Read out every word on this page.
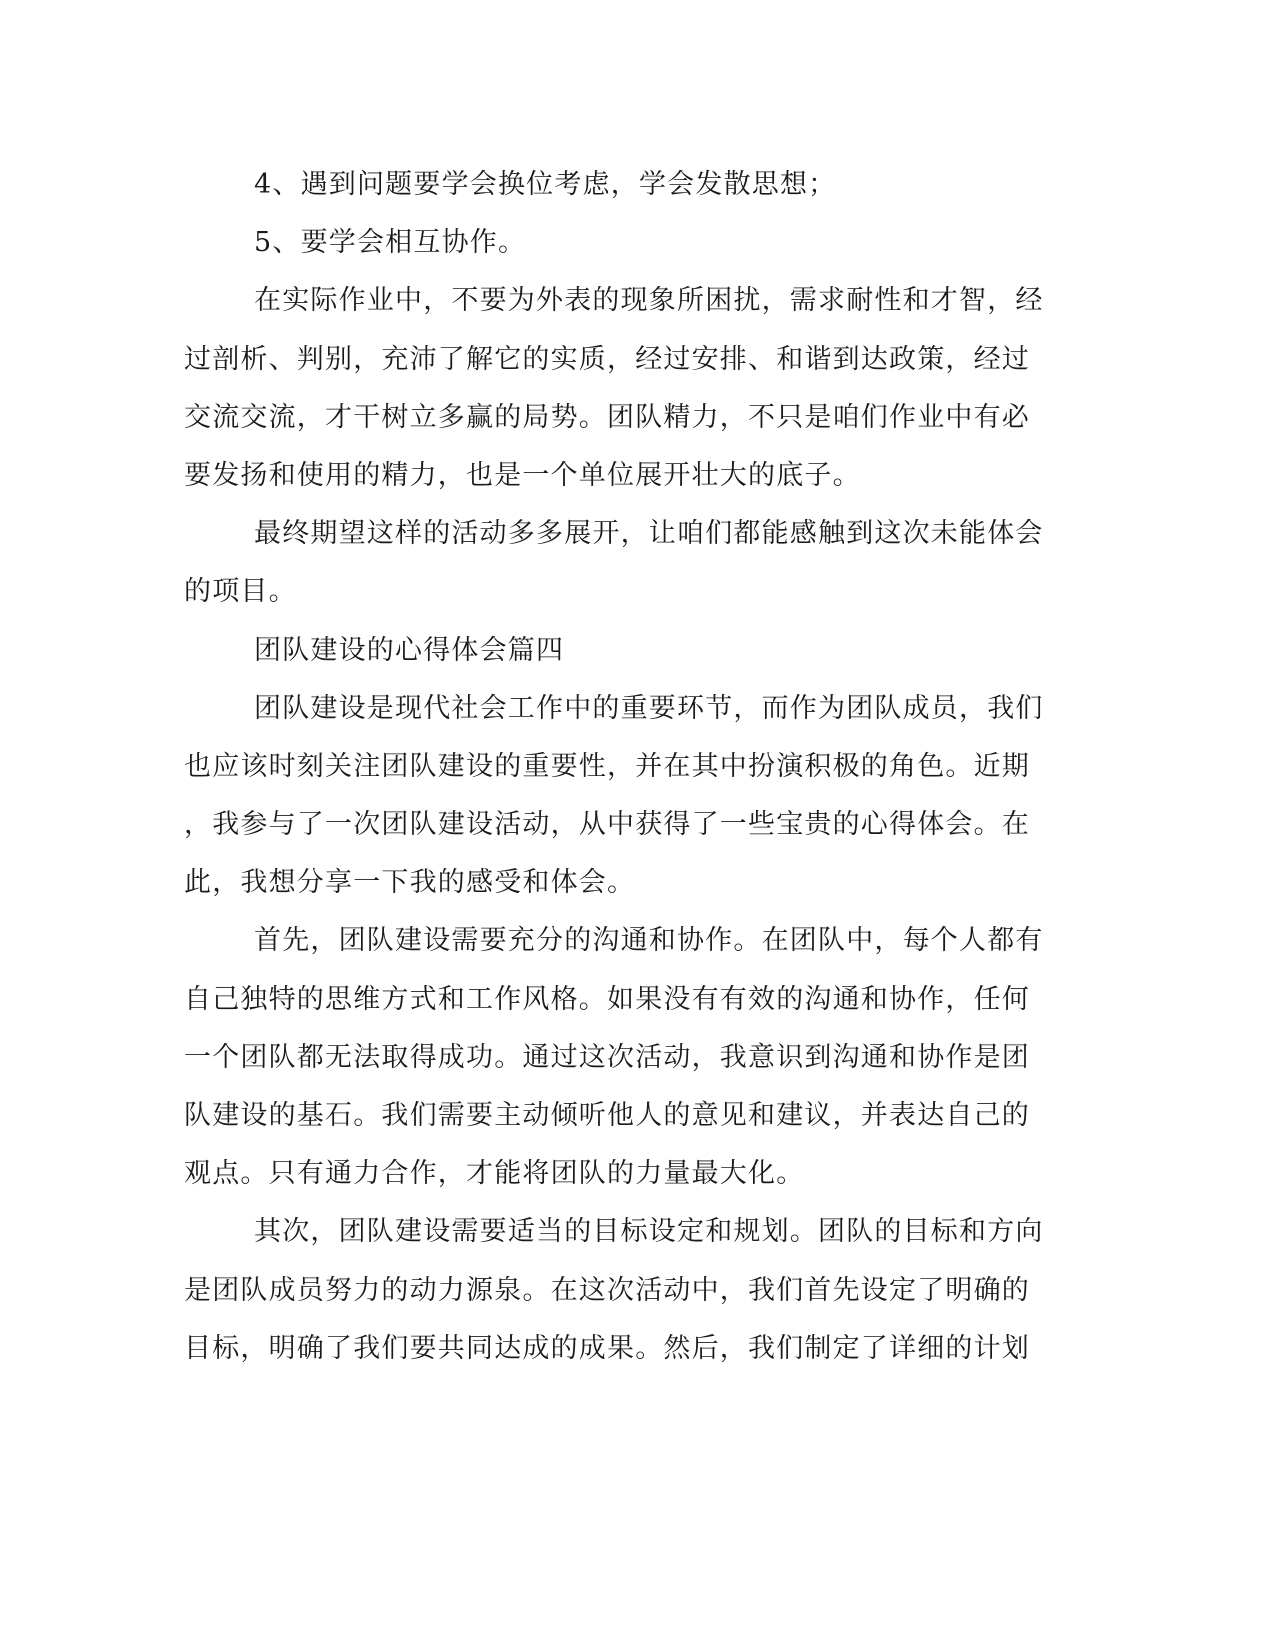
4、遇到问题要学会换位考虑，学会发散思想；
5、要学会相互协作。
在实际作业中，不要为外表的现象所困扰，需求耐性和才智，经
过剖析、判别，充沛了解它的实质，经过安排、和谐到达政策，经过
交流交流，才干树立多赢的局势。团队精力，不只是咱们作业中有必
要发扬和使用的精力，也是一个单位展开壮大的底子。
最终期望这样的活动多多展开，让咱们都能感触到这次未能体会
的项目。
团队建设的心得体会篇四
团队建设是现代社会工作中的重要环节，而作为团队成员，我们
也应该时刻关注团队建设的重要性，并在其中扮演积极的角色。近期
，我参与了一次团队建设活动，从中获得了一些宝贵的心得体会。在
此，我想分享一下我的感受和体会。
首先，团队建设需要充分的沟通和协作。在团队中，每个人都有
自己独特的思维方式和工作风格。如果没有有效的沟通和协作，任何
一个团队都无法取得成功。通过这次活动，我意识到沟通和协作是团
队建设的基石。我们需要主动倾听他人的意见和建议，并表达自己的
观点。只有通力合作，才能将团队的力量最大化。
其次，团队建设需要适当的目标设定和规划。团队的目标和方向
是团队成员努力的动力源泉。在这次活动中，我们首先设定了明确的
目标，明确了我们要共同达成的成果。然后，我们制定了详细的计划
